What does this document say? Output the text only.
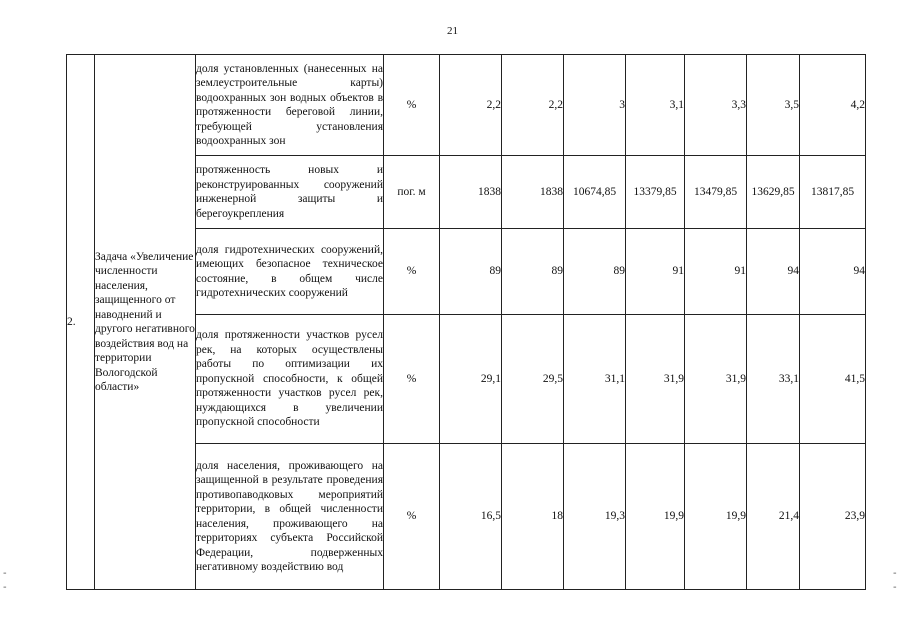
21
2.	Задача «Увеличение численности населения, защищенного от наводнений и другого негативного воздействия вод на территории Вологодской области»	доля установленных (нанесенных на землеустроительные карты) водоохранных зон водных объектов в протяженности береговой линии, требующей установления водоохранных зон	%	2,2	2,2	3	3,1	3,3	3,5	4,2
		протяженность новых и реконструированных сооружений инженерной защиты и берегоукрепления	пог. м	1838	1838	10674,85	13379,85	13479,85	13629,85	13817,85
		доля гидротехнических сооружений, имеющих безопасное техническое состояние, в общем числе гидротехнических сооружений	%	89	89	89	91	91	94	94
		доля протяженности участков русел рек, на которых осуществлены работы по оптимизации их пропускной способности, к общей протяженности участков русел рек, нуждающихся в увеличении пропускной способности	%	29,1	29,5	31,1	31,9	31,9	33,1	41,5
		доля населения, проживающего на защищенной в результате проведения противопаводковых мероприятий территории, в общей численности населения, проживающего на территориях субъекта Российской Федерации, подверженных негативному воздействию вод	%	16,5	18	19,3	19,9	19,9	21,4	23,9
-
-
-
-
